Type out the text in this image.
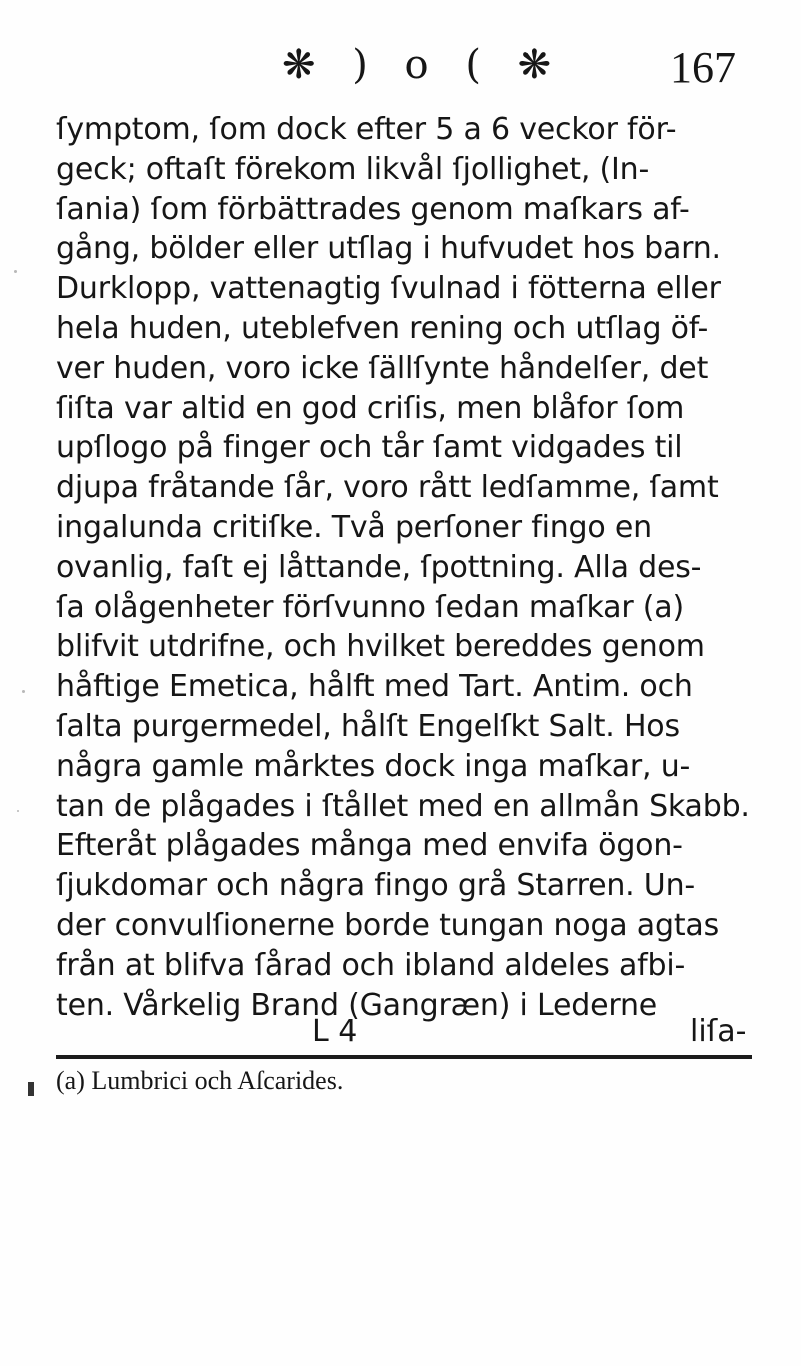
❋ ) o ( ❋ 167
ſymptom, ſom dock efter 5 a 6 veckor för-
geck; oftaſt förekom likvål ſjollighet, (In-
ſania) ſom förbättrades genom maſkars af-
gång, bölder eller utſlag i hufvudet hos barn.
Durklopp, vattenagtig ſvulnad i fötterna eller
hela huden, uteblefven rening och utſlag öf-
ver huden, voro icke ſällſynte håndelſer, det
ſiſta var altid en god criſis, men blåfor ſom
upſlogo på finger och tår ſamt vidgades til
djupa fråtande ſår, voro rått ledſamme, ſamt
ingalunda critiſke. Två perſoner fingo en
ovanlig, faſt ej låttande, ſpottning. Alla des-
ſa olågenheter förſvunno ſedan maſkar (a)
blifvit utdrifne, och hvilket bereddes genom
håftige Emetica, hålft med Tart. Antim. och
ſalta purgermedel, hålſt Engelſkt Salt. Hos
några gamle mårktes dock inga maſkar, u-
tan de plågades i ſtållet med en allmån Skabb.
Efteråt plågades många med envifa ögon-
ſjukdomar och några fingo grå Starren. Un-
der convulſionerne borde tungan noga agtas
från at blifva ſårad och ibland aldeles afbi-
ten. Vårkelig Brand (Gangræn) i Lederne
L 4	liſa-
(a) Lumbrici och Aſcarides.
